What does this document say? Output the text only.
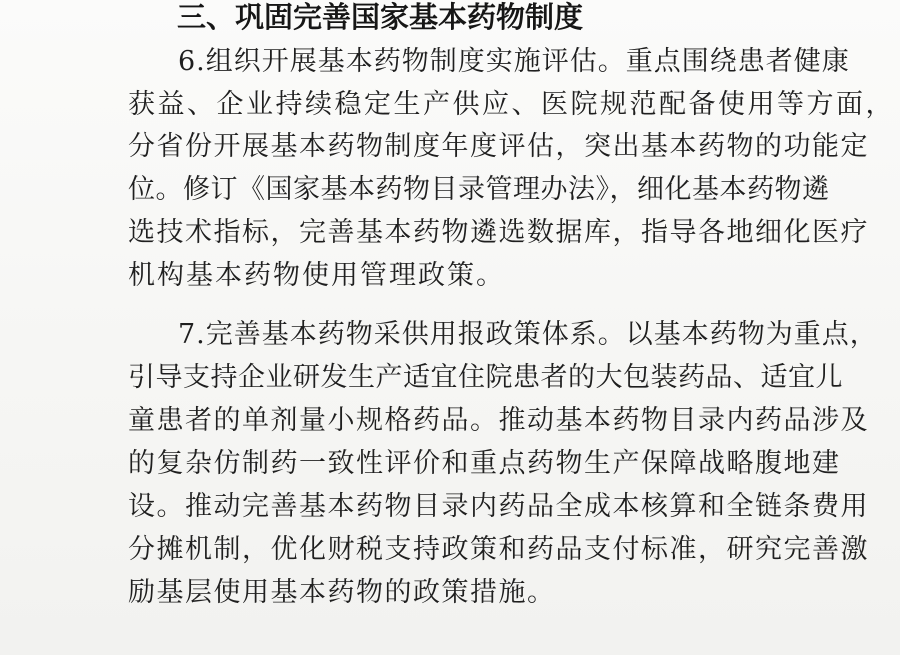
三、巩固完善国家基本药物制度
6.组织开展基本药物制度实施评估。重点围绕患者健康
获益、企业持续稳定生产供应、医院规范配备使用等方面，
分省份开展基本药物制度年度评估，突出基本药物的功能定
位。修订《国家基本药物目录管理办法》，细化基本药物遴
选技术指标，完善基本药物遴选数据库，指导各地细化医疗
机构基本药物使用管理政策。
7.完善基本药物采供用报政策体系。以基本药物为重点，
引导支持企业研发生产适宜住院患者的大包装药品、适宜儿
童患者的单剂量小规格药品。推动基本药物目录内药品涉及
的复杂仿制药一致性评价和重点药物生产保障战略腹地建
设。推动完善基本药物目录内药品全成本核算和全链条费用
分摊机制，优化财税支持政策和药品支付标准，研究完善激
励基层使用基本药物的政策措施。
